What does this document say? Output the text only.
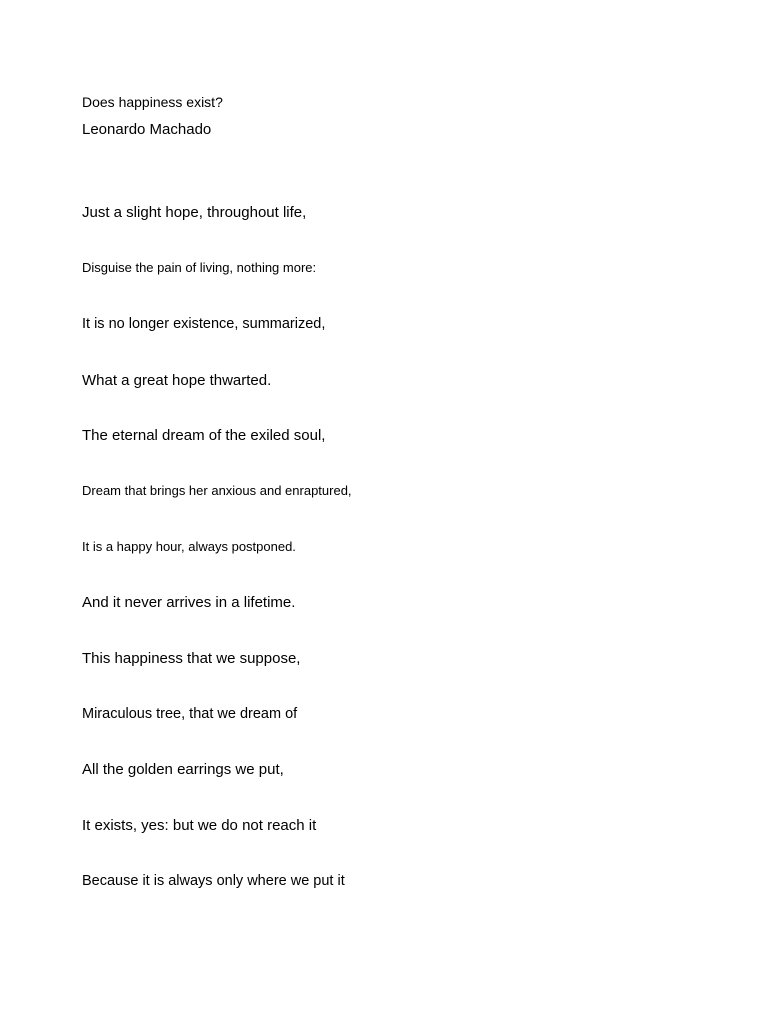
Does happiness exist?
Leonardo Machado
Just a slight hope, throughout life,
Disguise the pain of living, nothing more:
It is no longer existence, summarized,
What a great hope thwarted.
The eternal dream of the exiled soul,
Dream that brings her anxious and enraptured,
It is a happy hour, always postponed.
And it never arrives in a lifetime.
This happiness that we suppose,
Miraculous tree, that we dream of
All the golden earrings we put,
It exists, yes: but we do not reach it
Because it is always only where we put it
